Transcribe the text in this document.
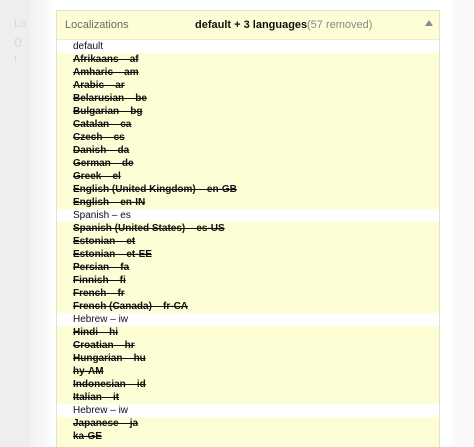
Lo
0
I
Localizations	default + 3 languages (57 removed)
default
Afrikaans – af
Amharic – am
Arabic – ar
Belarusian – be
Bulgarian – bg
Catalan – ca
Czech – cs
Danish – da
German – de
Greek – el
English (United Kingdom) – en-GB
English – en-IN
Spanish – es
Spanish (United States) – es-US
Estonian – et
Estonian – et-EE
Persian – fa
Finnish – fi
French – fr
French (Canada) – fr-CA
Hebrew – iw
Hindi – hi
Croatian – hr
Hungarian – hu
hy-AM
Indonesian – id
Italian – it
Hebrew – iw
Japanese – ja
ka-GE
